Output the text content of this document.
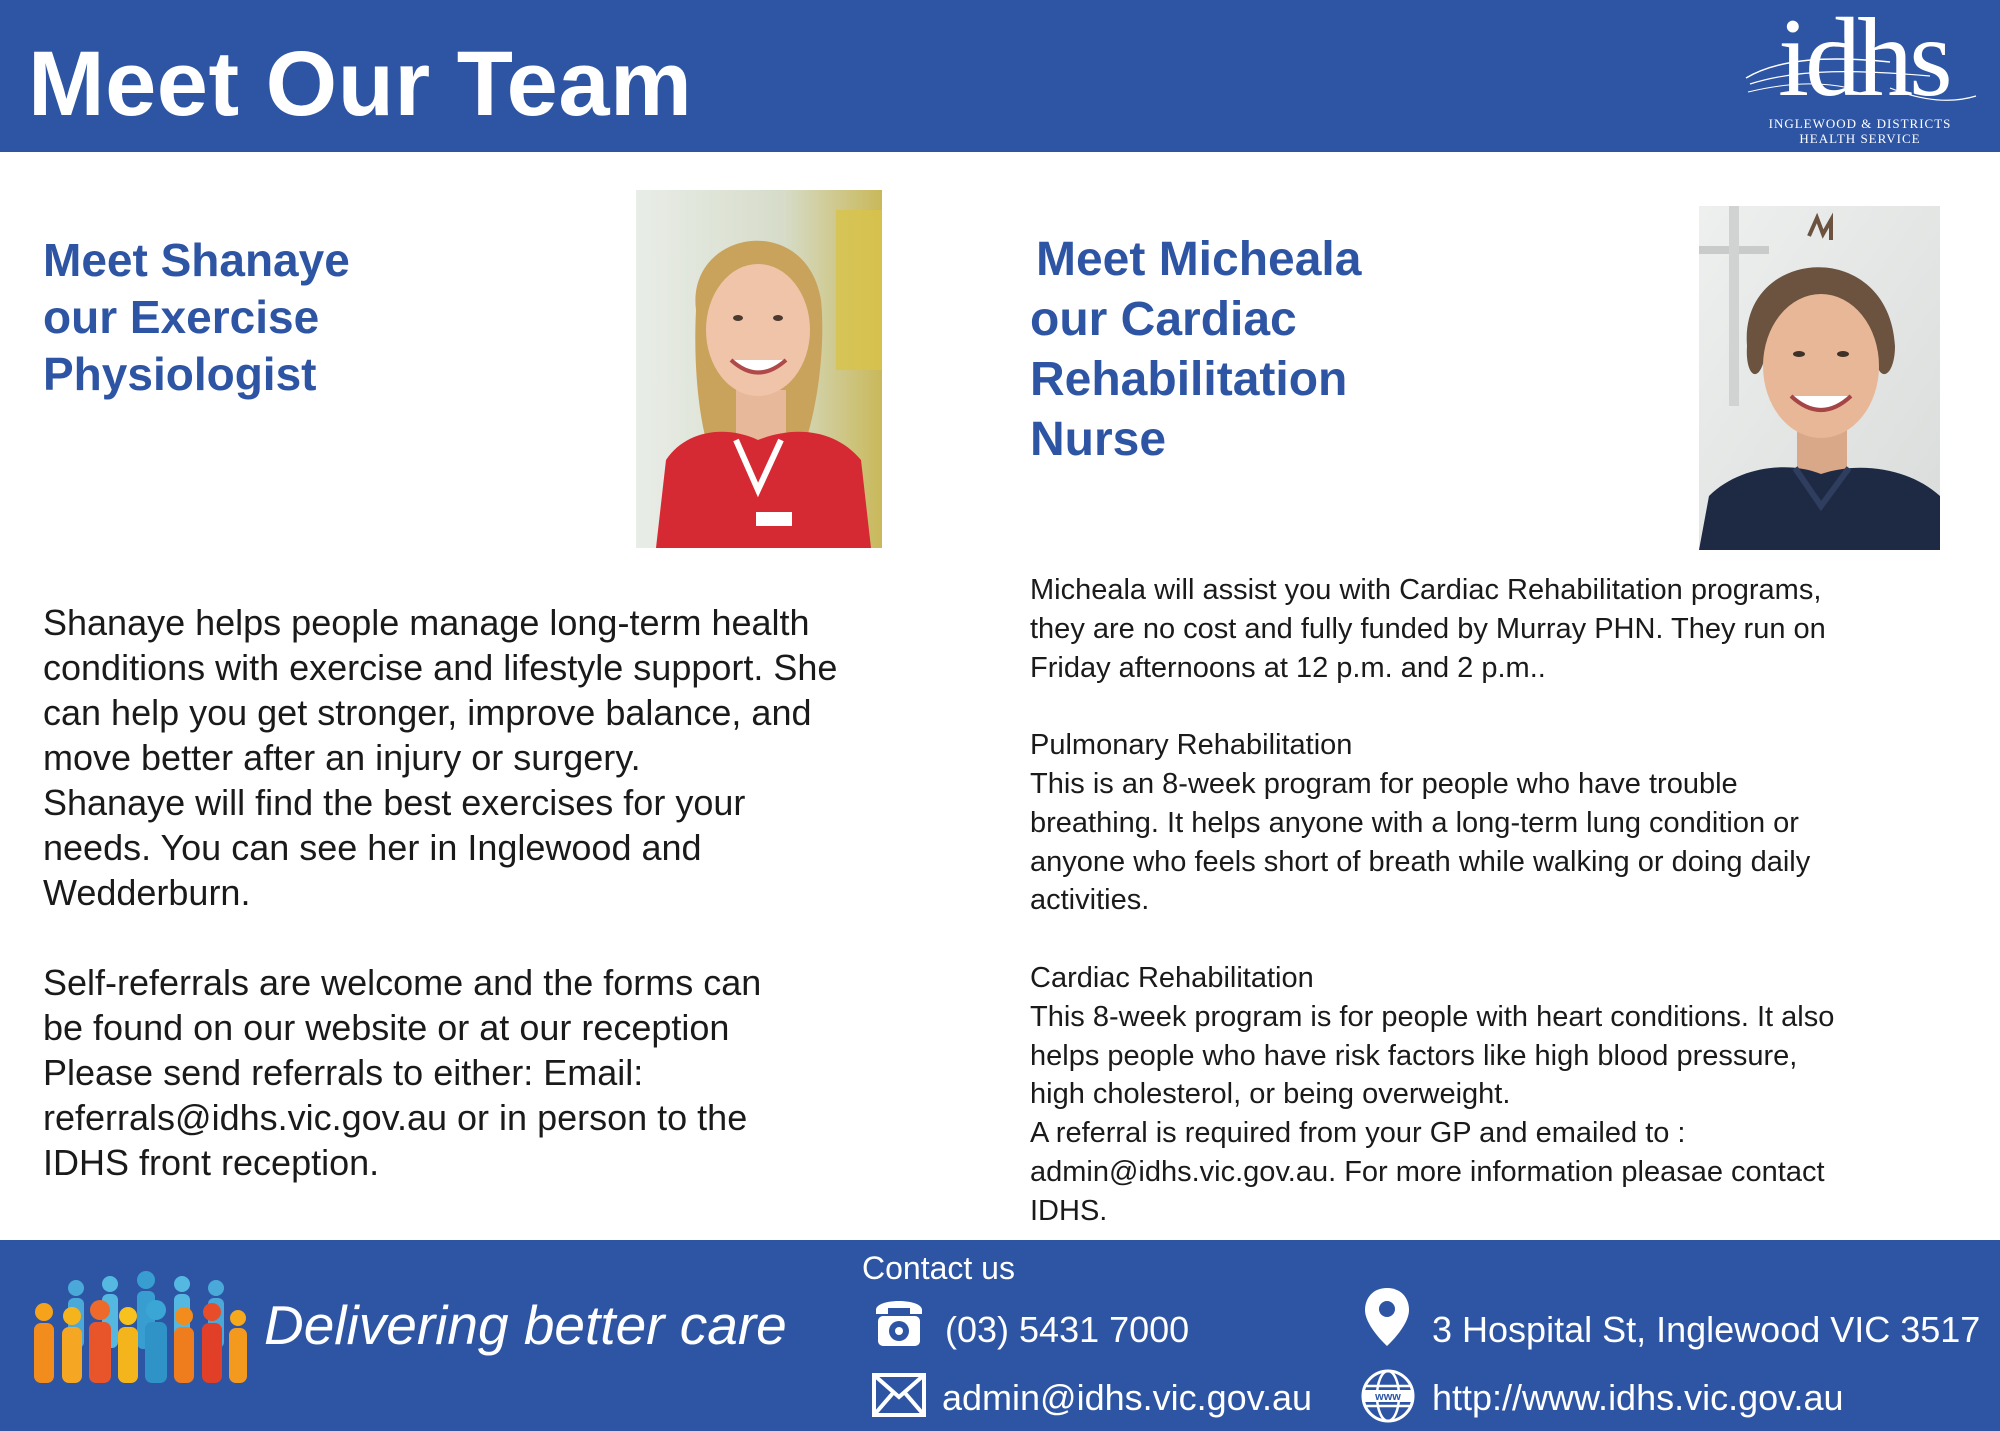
Meet Our Team	idhs
INGLEWOOD & DISTRICTS
HEALTH SERVICE
Meet Shanaye
our Exercise
Physiologist
Shanaye helps people manage long-term health
conditions with exercise and lifestyle support. She
can help you get stronger, improve balance, and
move better after an injury or surgery.
Shanaye will find the best exercises for your
needs. You can see her in Inglewood and
Wedderburn.
Self-referrals are welcome and the forms can
be found on our website or at our reception
Please send referrals to either: Email:
referrals@idhs.vic.gov.au or in person to the
IDHS front reception.
Meet Micheala
our Cardiac
Rehabilitation
Nurse
Micheala will assist you with Cardiac Rehabilitation programs,
they are no cost and fully funded by Murray PHN. They run on
Friday afternoons at 12 p.m. and 2 p.m..
Pulmonary Rehabilitation
This is an 8-week program for people who have trouble
breathing. It helps anyone with a long-term lung condition or
anyone who feels short of breath while walking or doing daily
activities.
Cardiac Rehabilitation
This 8-week program is for people with heart conditions. It also
helps people who have risk factors like high blood pressure,
high cholesterol, or being overweight.
A referral is required from your GP and emailed to :
admin@idhs.vic.gov.au. For more information pleasae contact
IDHS.
Delivering better care
Contact us
(03) 5431 7000
admin@idhs.vic.gov.au
3 Hospital St, Inglewood VIC 3517
www http://www.idhs.vic.gov.au
